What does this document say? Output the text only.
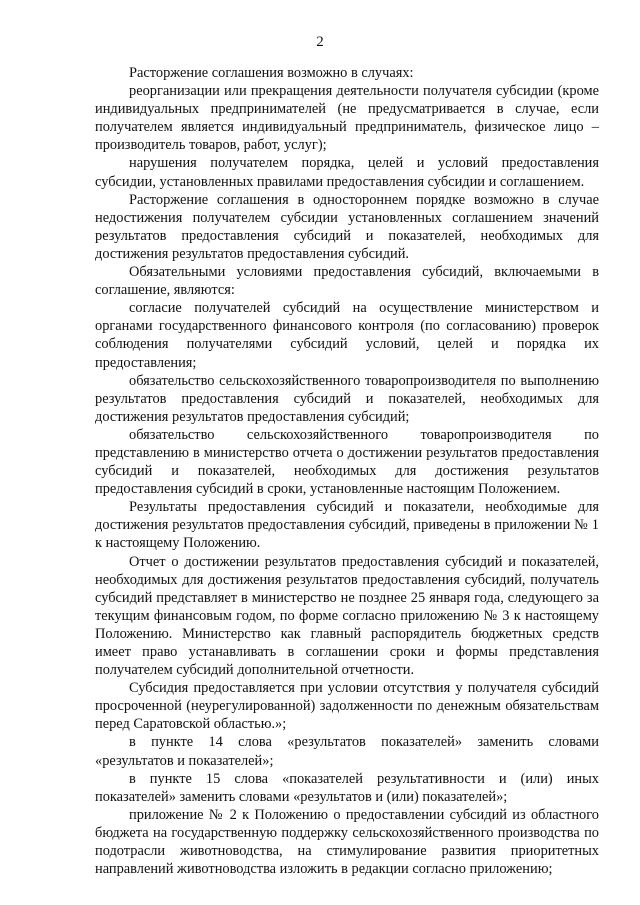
2

Расторжение соглашения возможно в случаях:

реорганизации или прекращения деятельности получателя субсидии (кроме индивидуальных предпринимателей (не предусматривается в случае, если получателем является индивидуальный предприниматель, физическое лицо – производитель товаров, работ, услуг);

нарушения получателем порядка, целей и условий предоставления субсидии, установленных правилами предоставления субсидии и соглашением.

Расторжение соглашения в одностороннем порядке возможно в случае недостижения получателем субсидии установленных соглашением значений результатов предоставления субсидий и показателей, необходимых для достижения результатов предоставления субсидий.

Обязательными условиями предоставления субсидий, включаемыми в соглашение, являются:

согласие получателей субсидий на осуществление министерством и органами государственного финансового контроля (по согласованию) проверок соблюдения получателями субсидий условий, целей и порядка их предоставления;

обязательство сельскохозяйственного товаропроизводителя по выполнению результатов предоставления субсидий и показателей, необходимых для достижения результатов предоставления субсидий;

обязательство сельскохозяйственного товаропроизводителя по представлению в министерство отчета о достижении результатов предоставления субсидий и показателей, необходимых для достижения результатов предоставления субсидий в сроки, установленные настоящим Положением.

Результаты предоставления субсидий и показатели, необходимые для достижения результатов предоставления субсидий, приведены в приложении № 1 к настоящему Положению.

Отчет о достижении результатов предоставления субсидий и показателей, необходимых для достижения результатов предоставления субсидий, получатель субсидий представляет в министерство не позднее 25 января года, следующего за текущим финансовым годом, по форме согласно приложению № 3 к настоящему Положению. Министерство как главный распорядитель бюджетных средств имеет право устанавливать в соглашении сроки и формы представления получателем субсидий дополнительной отчетности.

Субсидия предоставляется при условии отсутствия у получателя субсидий просроченной (неурегулированной) задолженности по денежным обязательствам перед Саратовской областью.»;

в пункте 14 слова «результатов показателей» заменить словами «результатов и показателей»;

в пункте 15 слова «показателей результативности и (или) иных показателей» заменить словами «результатов и (или) показателей»;

приложение № 2 к Положению о предоставлении субсидий из областного бюджета на государственную поддержку сельскохозяйственного производства по подотрасли животноводства, на стимулирование развития приоритетных направлений животноводства изложить в редакции согласно приложению;
